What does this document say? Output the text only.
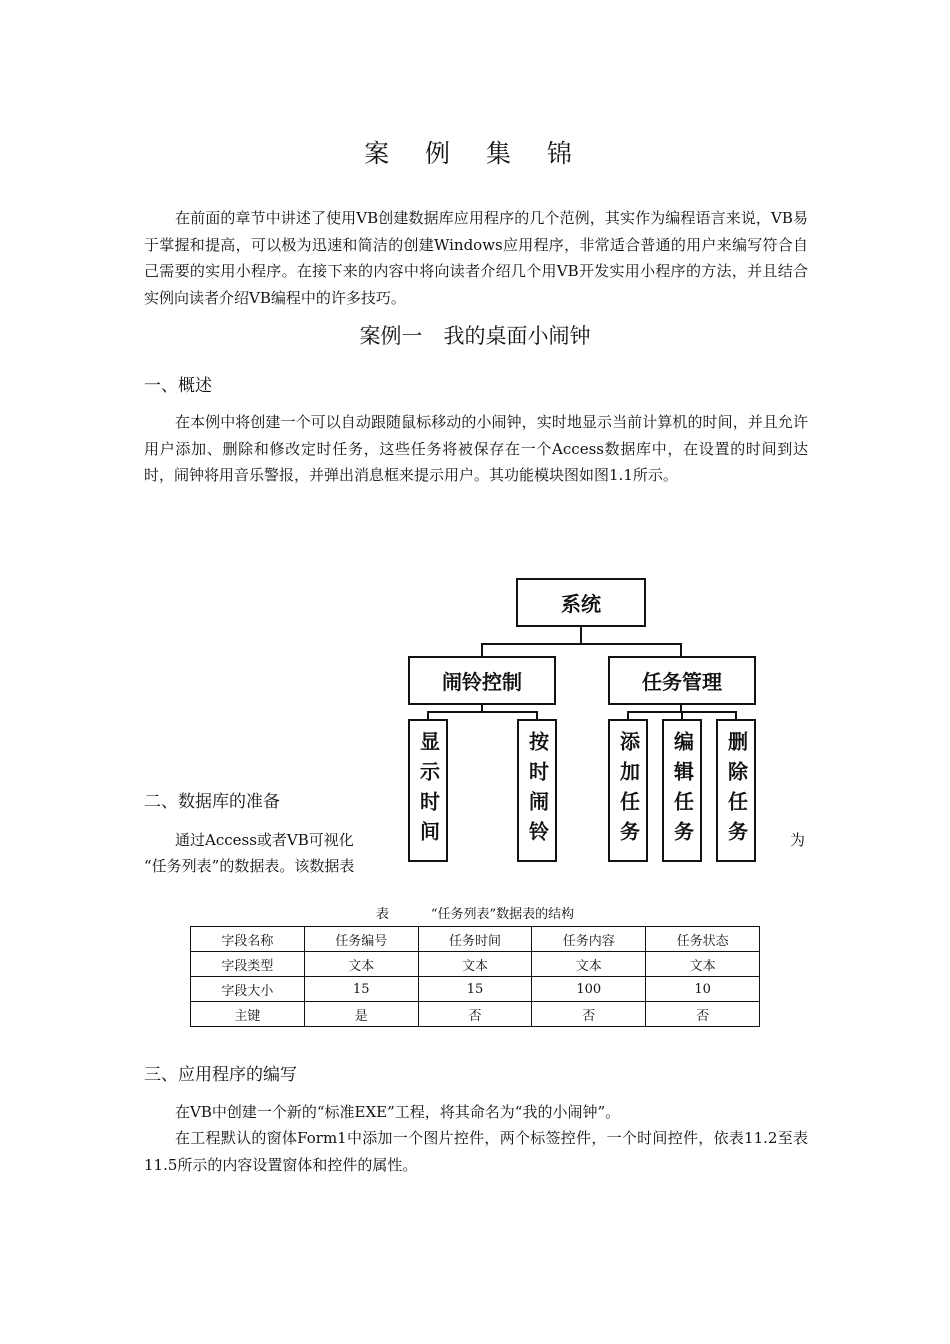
案 例 集 锦

在前面的章节中讲述了使用VB创建数据库应用程序的几个范例，其实作为编程语言来说，VB易于掌握和提高，可以极为迅速和简洁的创建Windows应用程序，非常适合普通的用户来编写符合自己需要的实用小程序。在接下来的内容中将向读者介绍几个用VB开发实用小程序的方法，并且结合实例向读者介绍VB编程中的许多技巧。

案例一　我的桌面小闹钟
一、概述

在本例中将创建一个可以自动跟随鼠标移动的小闹钟，实时地显示当前计算机的时间，并且允许用户添加、删除和修改定时任务，这些任务将被保存在一个Access数据库中，在设置的时间到达时，闹钟将用音乐警报，并弹出消息框来提示用户。其功能模块图如图1.1所示。

二、数据库的准备
通过Access或者VB可视化	为
“任务列表”的数据表。该数据表
系统
闹铃控制	任务管理
显示时间	按时闹铃	添加任务 编辑任务 删除任务
表	“任务列表”数据表的结构
字段名称	任务编号	任务时间	任务内容	任务状态
字段类型	文本	文本	文本	文本
字段大小	15	15	100	10
主键	是	否	否	否
三、应用程序的编写

在VB中创建一个新的“标准EXE”工程，将其命名为“我的小闹钟”。

在工程默认的窗体Form1中添加一个图片控件，两个标签控件，一个时间控件，依表11.2至表11.5所示的内容设置窗体和控件的属性。
